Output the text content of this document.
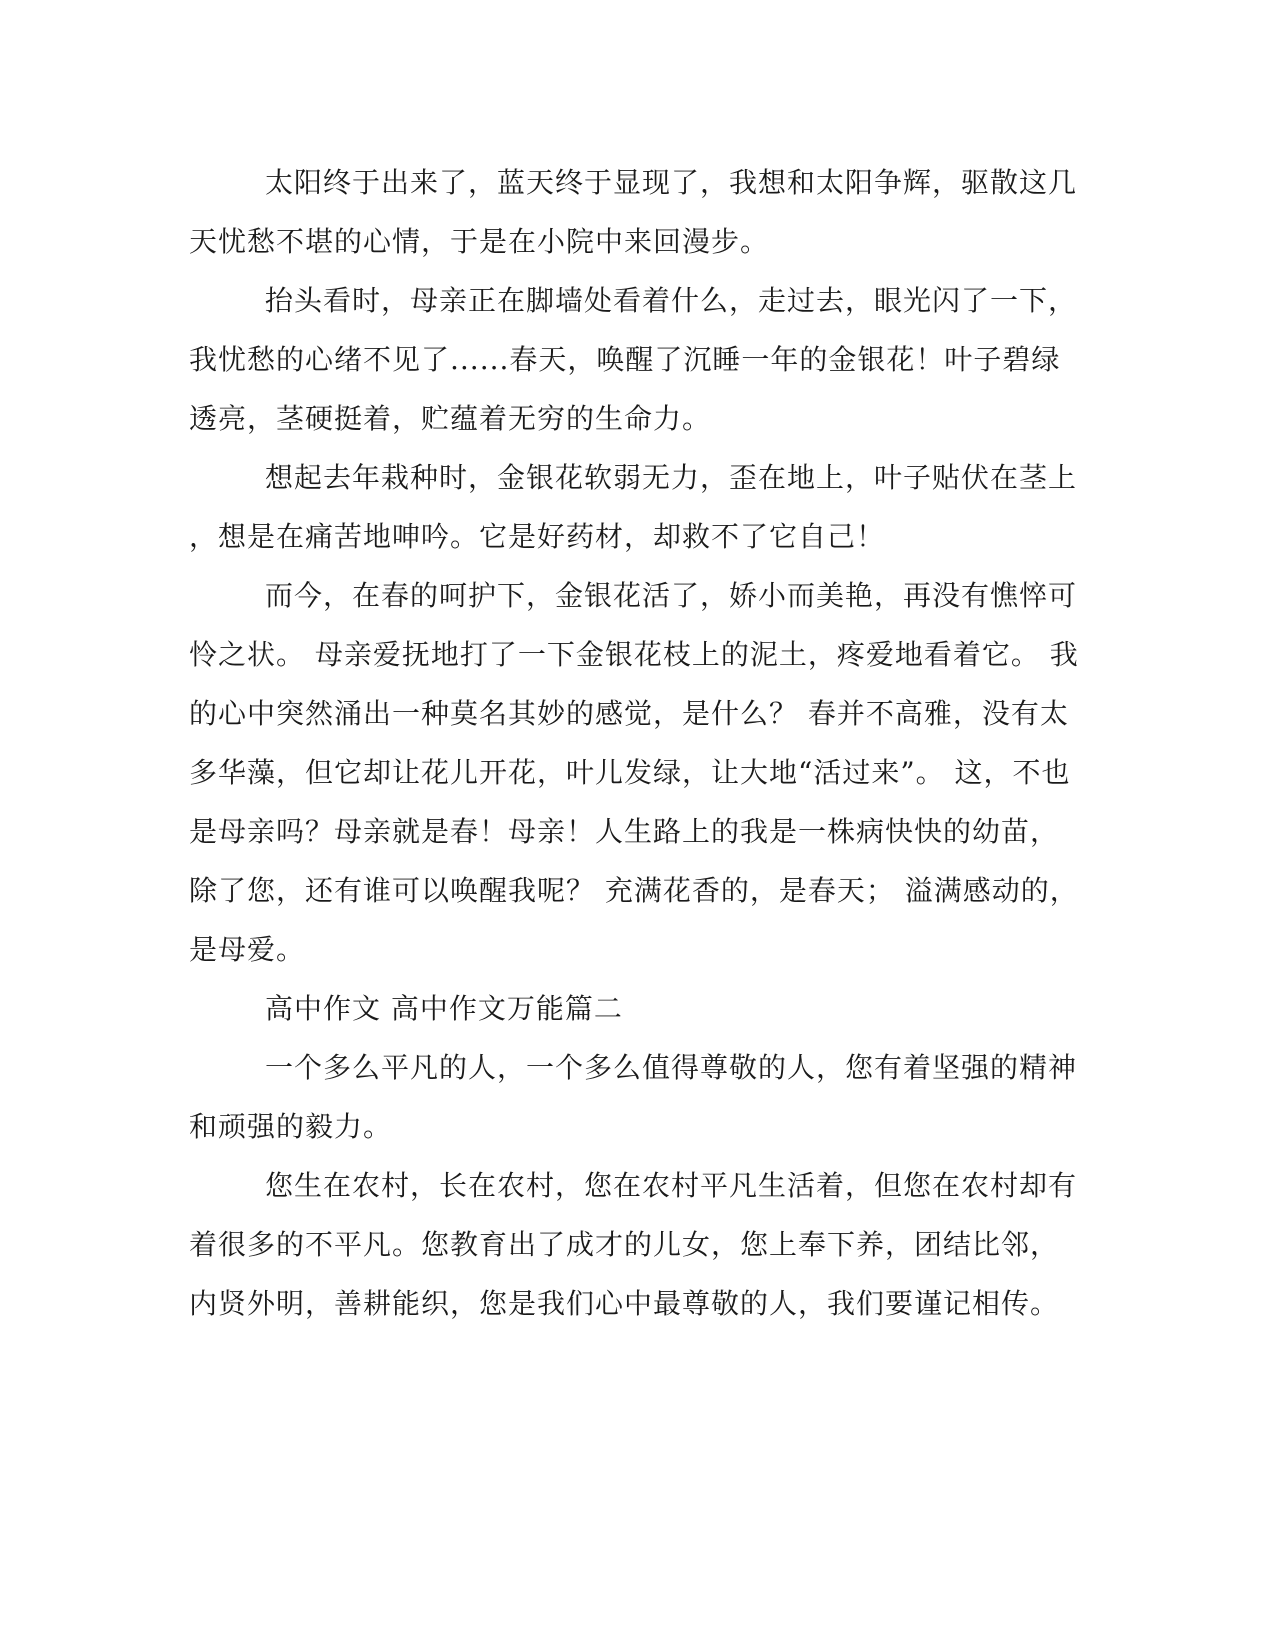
太阳终于出来了，蓝天终于显现了，我想和太阳争辉，驱散这几
天忧愁不堪的心情，于是在小院中来回漫步。
抬头看时，母亲正在脚墙处看着什么，走过去，眼光闪了一下，
我忧愁的心绪不见了......春天，唤醒了沉睡一年的金银花！叶子碧绿
透亮，茎硬挺着，贮蕴着无穷的生命力。
想起去年栽种时，金银花软弱无力，歪在地上，叶子贴伏在茎上
，想是在痛苦地呻吟。它是好药材，却救不了它自己！
而今，在春的呵护下，金银花活了，娇小而美艳，再没有憔悴可
怜之状。 母亲爱抚地打了一下金银花枝上的泥土，疼爱地看着它。 我
的心中突然涌出一种莫名其妙的感觉，是什么？ 春并不高雅，没有太
多华藻，但它却让花儿开花，叶儿发绿，让大地“活过来”。 这，不也
是母亲吗？母亲就是春！母亲！人生路上的我是一株病快快的幼苗，
除了您，还有谁可以唤醒我呢？ 充满花香的，是春天； 溢满感动的，
是母爱。
高中作文 高中作文万能篇二
一个多么平凡的人，一个多么值得尊敬的人，您有着坚强的精神
和顽强的毅力。
您生在农村，长在农村，您在农村平凡生活着，但您在农村却有
着很多的不平凡。您教育出了成才的儿女，您上奉下养，团结比邻，
内贤外明，善耕能织，您是我们心中最尊敬的人，我们要谨记相传。
